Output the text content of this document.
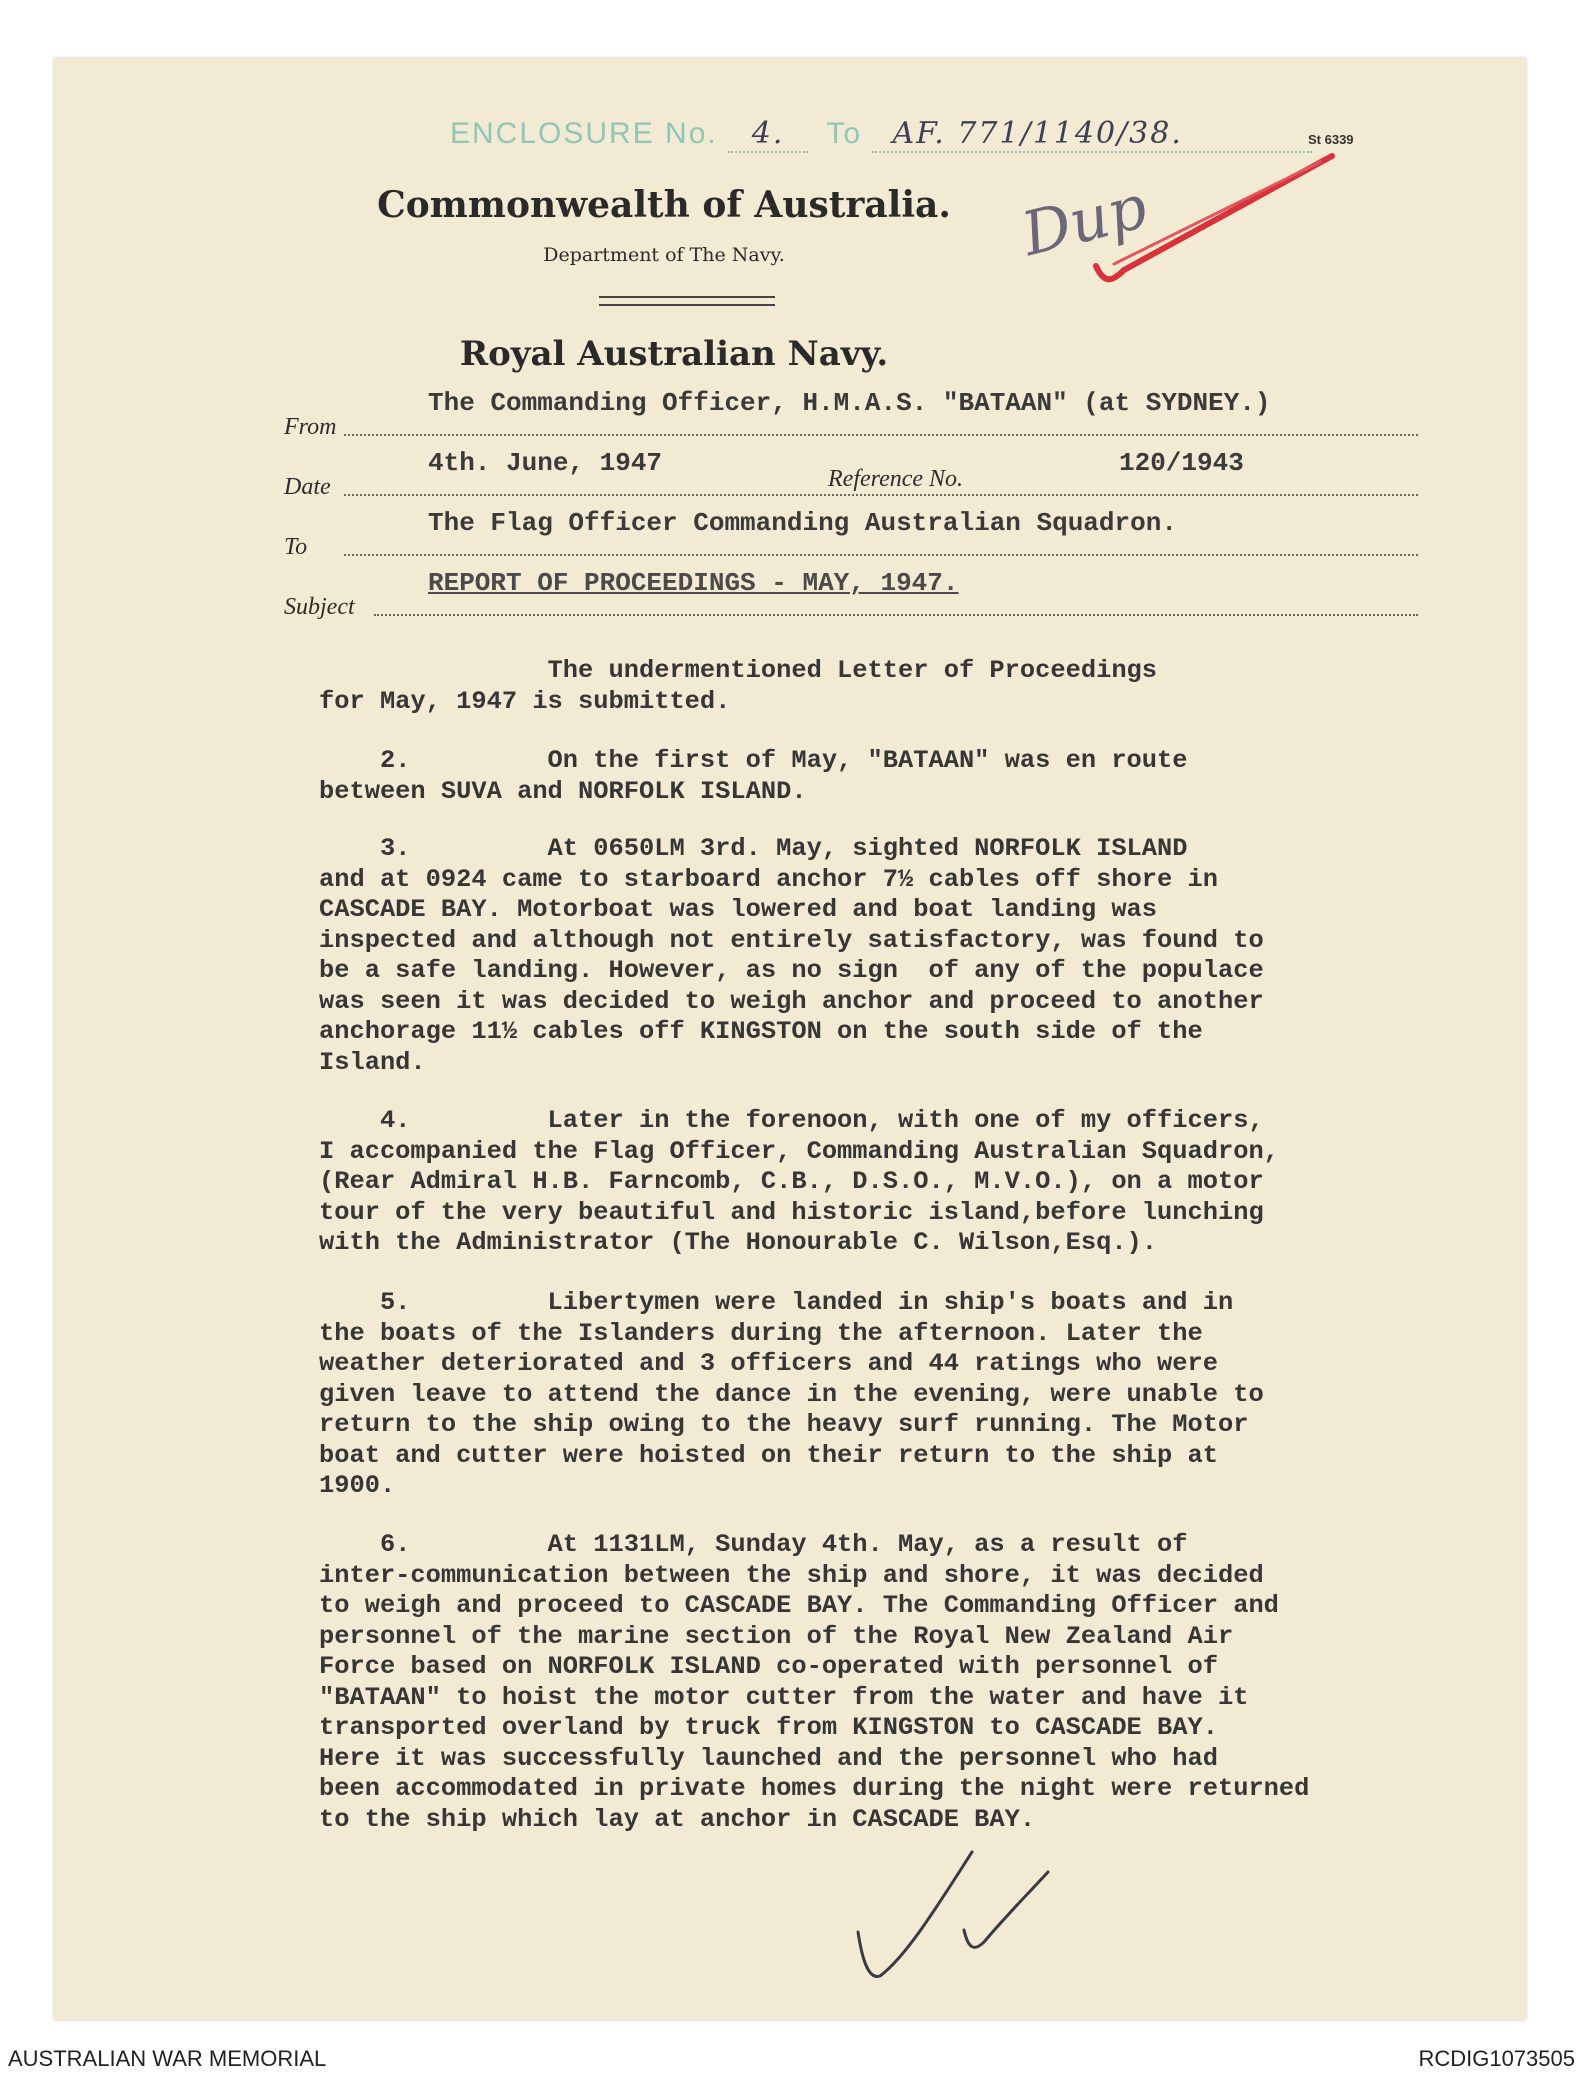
ENCLOSURE No. 4. To AF. 771/1140/38.	St 6339
Dup
Commonwealth of Australia.
Department of The Navy.
Royal Australian Navy.
From
The Commanding Officer, H.M.A.S. "BATAAN" (at SYDNEY.)
Date
4th. June, 1947
Reference No.
120/1943
To
The Flag Officer Commanding Australian Squadron.
Subject
REPORT OF PROCEEDINGS - MAY, 1947.
The undermentioned Letter of Proceedings
for May, 1947 is submitted.
2.         On the first of May, "BATAAN" was en route
between SUVA and NORFOLK ISLAND.
3.         At 0650LM 3rd. May, sighted NORFOLK ISLAND
and at 0924 came to starboard anchor 7½ cables off shore in
CASCADE BAY. Motorboat was lowered and boat landing was
inspected and although not entirely satisfactory, was found to
be a safe landing. However, as no sign  of any of the populace
was seen it was decided to weigh anchor and proceed to another
anchorage 11½ cables off KINGSTON on the south side of the
Island.
4.         Later in the forenoon, with one of my officers,
I accompanied the Flag Officer, Commanding Australian Squadron,
(Rear Admiral H.B. Farncomb, C.B., D.S.O., M.V.O.), on a motor
tour of the very beautiful and historic island,before lunching
with the Administrator (The Honourable C. Wilson,Esq.).
5.         Libertymen were landed in ship's boats and in
the boats of the Islanders during the afternoon. Later the
weather deteriorated and 3 officers and 44 ratings who were
given leave to attend the dance in the evening, were unable to
return to the ship owing to the heavy surf running. The Motor
boat and cutter were hoisted on their return to the ship at
1900.
6.         At 1131LM, Sunday 4th. May, as a result of
inter-communication between the ship and shore, it was decided
to weigh and proceed to CASCADE BAY. The Commanding Officer and
personnel of the marine section of the Royal New Zealand Air
Force based on NORFOLK ISLAND co-operated with personnel of
"BATAAN" to hoist the motor cutter from the water and have it
transported overland by truck from KINGSTON to CASCADE BAY.
Here it was successfully launched and the personnel who had
been accommodated in private homes during the night were returned
to the ship which lay at anchor in CASCADE BAY.
AUSTRALIAN WAR MEMORIAL	RCDIG1073505
